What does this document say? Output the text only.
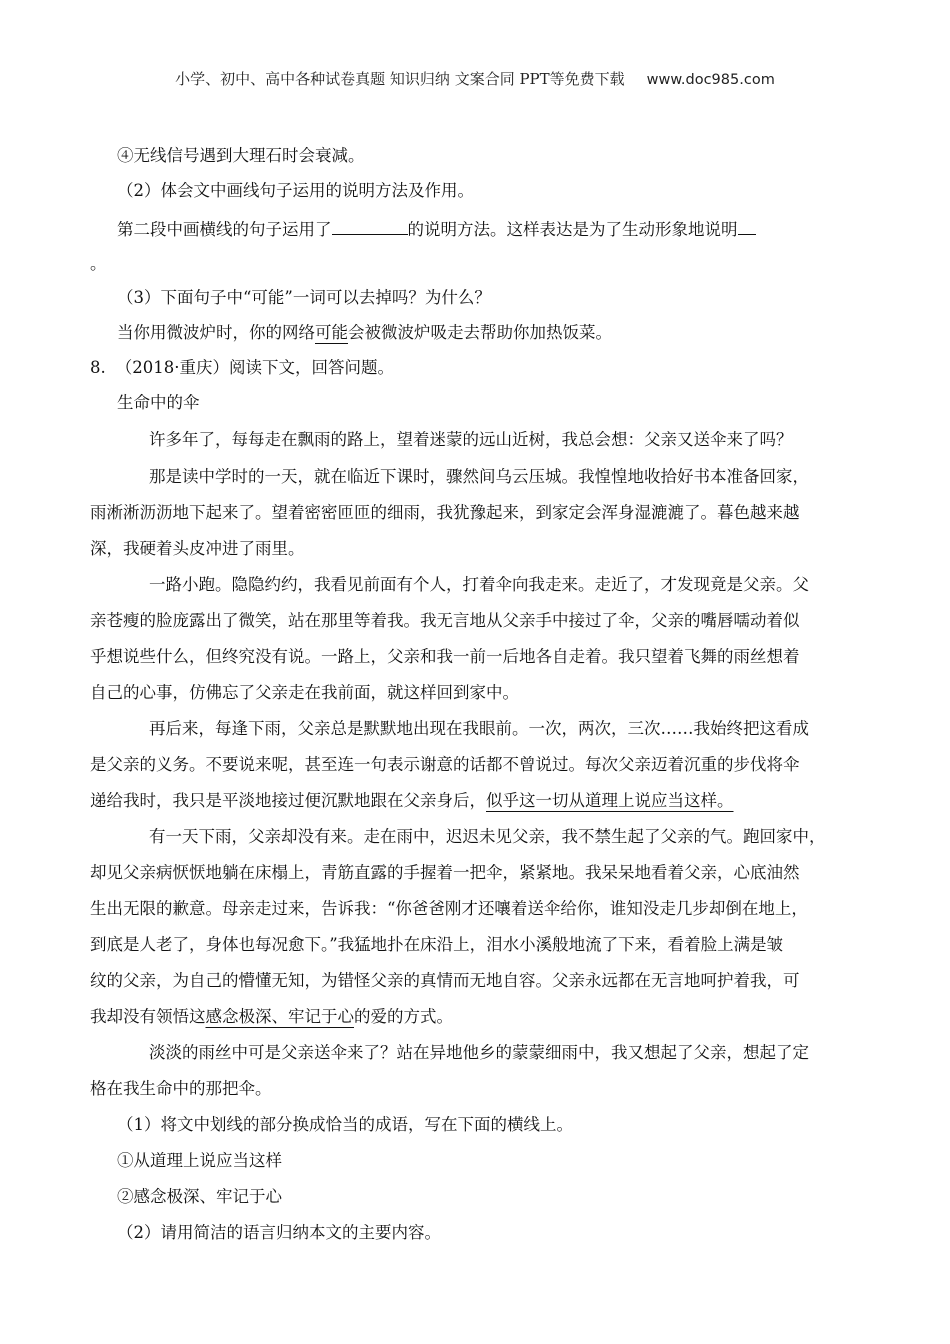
小学、初中、高中各种试卷真题 知识归纳 文案合同 PPT等免费下载 www.doc985.com
④无线信号遇到大理石时会衰减。
（2）体会文中画线句子运用的说明方法及作用。
第二段中画横线的句子运用了	的说明方法。这样表达是为了生动形象地说明
。
（3）下面句子中“可能”一词可以去掉吗？为什么？
当你用微波炉时，你的网络可能会被微波炉吸走去帮助你加热饭菜。
8. （2018·重庆）阅读下文，回答问题。
生命中的伞
许多年了，每每走在飘雨的路上，望着迷蒙的远山近树，我总会想：父亲又送伞来了吗？
那是读中学时的一天，就在临近下课时，骤然间乌云压城。我惶惶地收拾好书本准备回家，
雨淅淅沥沥地下起来了。望着密密匝匝的细雨，我犹豫起来，到家定会浑身湿漉漉了。暮色越来越
深，我硬着头皮冲进了雨里。
一路小跑。隐隐约约，我看见前面有个人，打着伞向我走来。走近了，才发现竟是父亲。父
亲苍瘦的脸庞露出了微笑，站在那里等着我。我无言地从父亲手中接过了伞，父亲的嘴唇嚅动着似
乎想说些什么，但终究没有说。一路上，父亲和我一前一后地各自走着。我只望着飞舞的雨丝想着
自己的心事，仿佛忘了父亲走在我前面，就这样回到家中。
再后来，每逢下雨，父亲总是默默地出现在我眼前。一次，两次，三次……我始终把这看成
是父亲的义务。不要说来呢，甚至连一句表示谢意的话都不曾说过。每次父亲迈着沉重的步伐将伞
递给我时，我只是平淡地接过便沉默地跟在父亲身后，似乎这一切从道理上说应当这样。
有一天下雨，父亲却没有来。走在雨中，迟迟未见父亲，我不禁生起了父亲的气。跑回家中，
却见父亲病恹恹地躺在床榻上，青筋直露的手握着一把伞，紧紧地。我呆呆地看着父亲，心底油然
生出无限的歉意。母亲走过来，告诉我：“你爸爸刚才还嚷着送伞给你，谁知没走几步却倒在地上，
到底是人老了，身体也每况愈下。”我猛地扑在床沿上，泪水小溪般地流了下来，看着脸上满是皱
纹的父亲，为自己的懵懂无知，为错怪父亲的真情而无地自容。父亲永远都在无言地呵护着我，可
我却没有领悟这感念极深、牢记于心的爱的方式。
淡淡的雨丝中可是父亲送伞来了？站在异地他乡的蒙蒙细雨中，我又想起了父亲，想起了定
格在我生命中的那把伞。
（1）将文中划线的部分换成恰当的成语，写在下面的横线上。
①从道理上说应当这样
②感念极深、牢记于心
（2）请用简洁的语言归纳本文的主要内容。
